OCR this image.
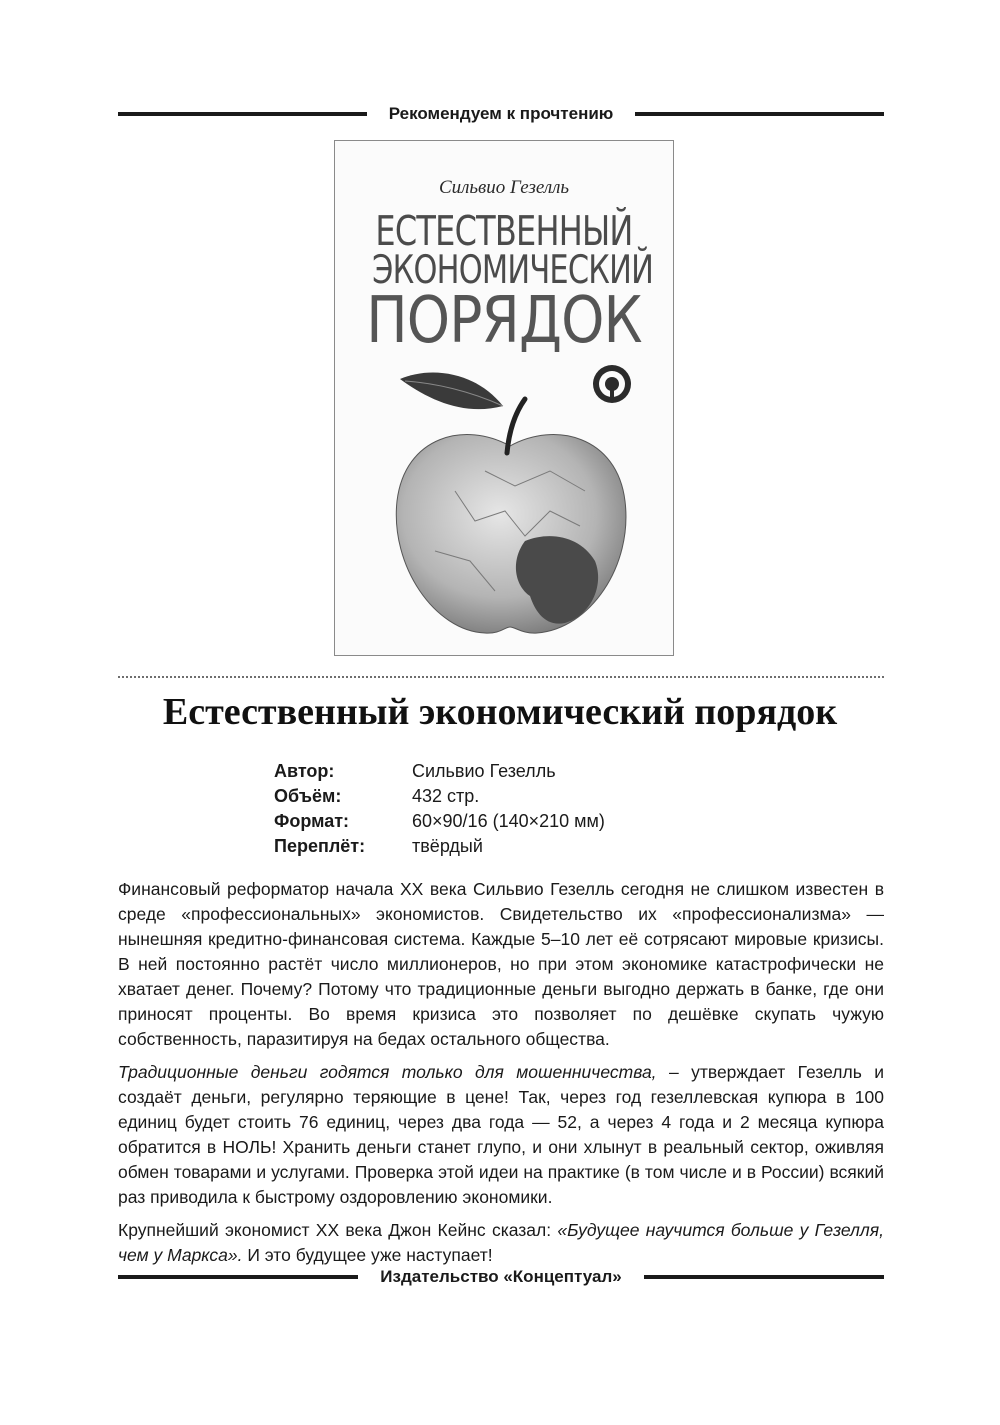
Рекомендуем к прочтению
Сильвио Гезелль
ЕСТЕСТВЕННЫЙ
ЭКОНОМИЧЕСКИЙ
ПОРЯДОК
Естественный экономический порядок
Автор:	Сильвио Гезелль
Объём:	432 стр.
Формат:	60×90/16 (140×210 мм)
Переплёт:	твёрдый

Финансовый реформатор начала XX века Сильвио Гезелль сегодня не слишком известен в среде «профессиональных» экономистов. Свидетельство их «профессионализма» — нынешняя кредитно-финансовая система. Каждые 5–10 лет её сотрясают мировые кризисы. В ней постоянно растёт число миллионеров, но при этом экономике катастрофически не хватает денег. Почему? Потому что традиционные деньги выгодно держать в банке, где они приносят проценты. Во время кризиса это позволяет по дешёвке скупать чужую собственность, паразитируя на бедах остального общества.

Традиционные деньги годятся только для мошенничества, – утверждает Гезелль и создаёт деньги, регулярно теряющие в цене! Так, через год гезеллевская купюра в 100 единиц будет стоить 76 единиц, через два года — 52, а через 4 года и 2 месяца купюра обратится в НОЛЬ! Хранить деньги станет глупо, и они хлынут в реальный сектор, оживляя обмен товарами и услугами. Проверка этой идеи на практике (в том числе и в России) всякий раз приводила к быстрому оздоровлению экономики.

Крупнейший экономист XX века Джон Кейнс сказал: «Будущее научится больше у Гезелля, чем у Маркса». И это будущее уже наступает!

Издательство «Концептуал»
